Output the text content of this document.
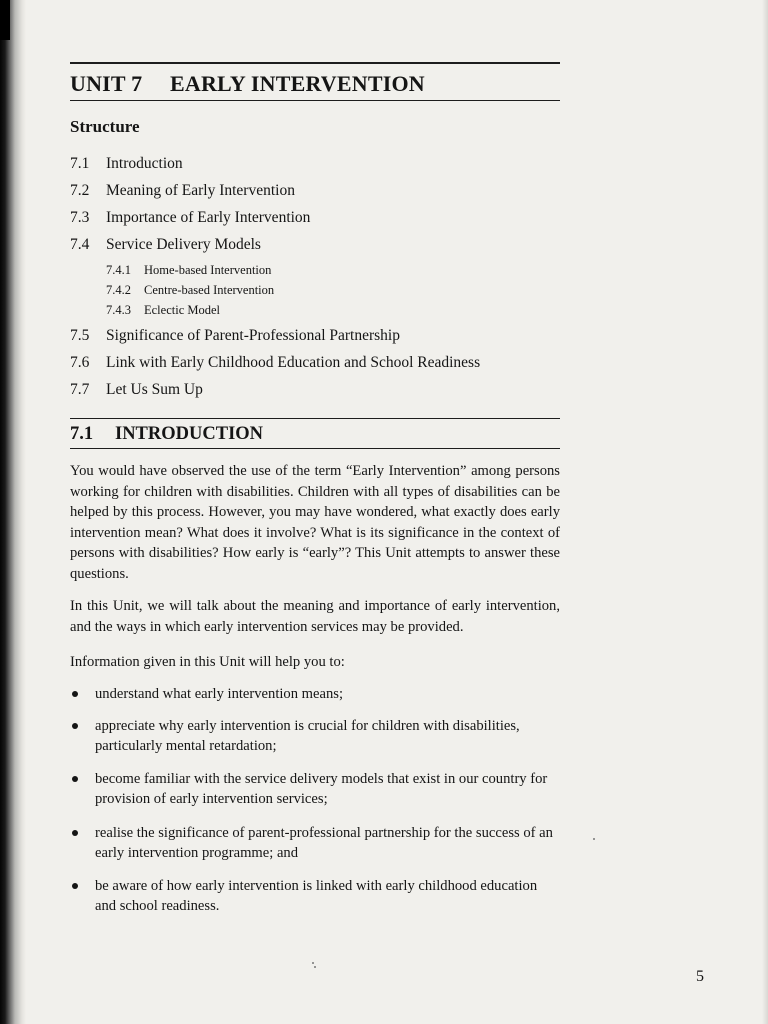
UNIT 7 EARLY INTERVENTION
Structure
7.1 Introduction
7.2 Meaning of Early Intervention
7.3 Importance of Early Intervention
7.4 Service Delivery Models
7.4.1 Home-based Intervention
7.4.2 Centre-based Intervention
7.4.3 Eclectic Model
7.5 Significance of Parent-Professional Partnership
7.6 Link with Early Childhood Education and School Readiness
7.7 Let Us Sum Up
7.1 INTRODUCTION
You would have observed the use of the term “Early Intervention” among persons working for children with disabilities. Children with all types of disabilities can be helped by this process. However, you may have wondered, what exactly does early intervention mean? What does it involve? What is its significance in the context of persons with disabilities? How early is “early”? This Unit attempts to answer these questions.
In this Unit, we will talk about the meaning and importance of early intervention, and the ways in which early intervention services may be provided.
Information given in this Unit will help you to:
understand what early intervention means;
appreciate why early intervention is crucial for children with disabilities, particularly mental retardation;
become familiar with the service delivery models that exist in our country for provision of early intervention services;
realise the significance of parent-professional partnership for the success of an early intervention programme; and
be aware of how early intervention is linked with early childhood education and school readiness.
5
